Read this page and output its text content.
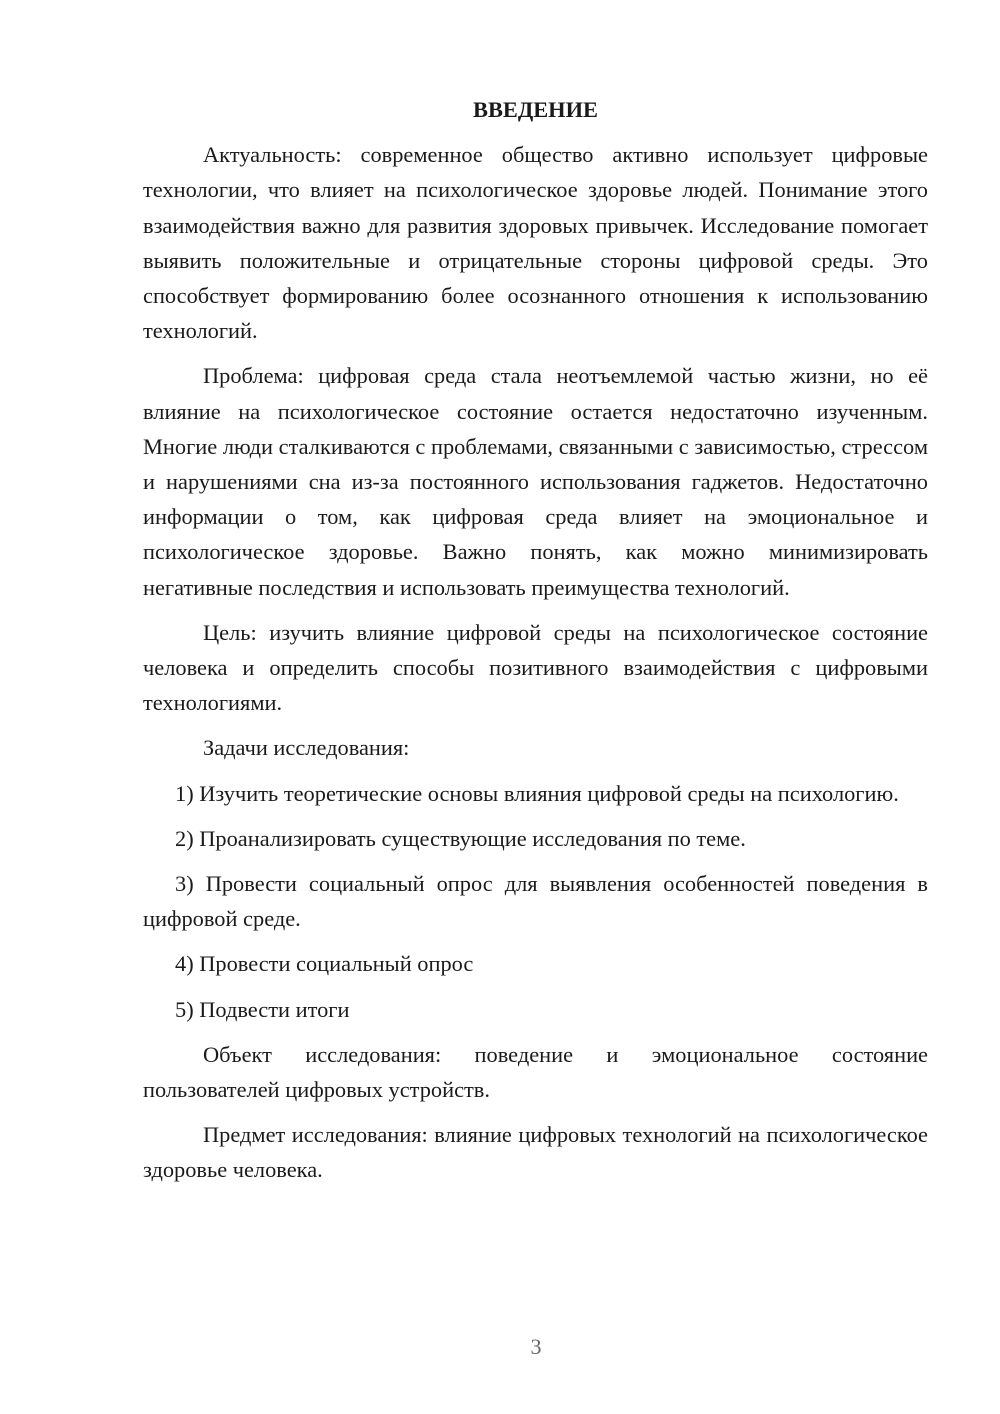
ВВЕДЕНИЕ

Актуальность: современное общество активно использует цифровые технологии, что влияет на психологическое здоровье людей. Понимание этого взаимодействия важно для развития здоровых привычек. Исследование помогает выявить положительные и отрицательные стороны цифровой среды. Это способствует формированию более осознанного отношения к использованию технологий.

Проблема: цифровая среда стала неотъемлемой частью жизни, но её влияние на психологическое состояние остается недостаточно изученным. Многие люди сталкиваются с проблемами, связанными с зависимостью, стрессом и нарушениями сна из-за постоянного использования гаджетов. Недостаточно информации о том, как цифровая среда влияет на эмоциональное и психологическое здоровье. Важно понять, как можно минимизировать негативные последствия и использовать преимущества технологий.

Цель: изучить влияние цифровой среды на психологическое состояние человека и определить способы позитивного взаимодействия с цифровыми технологиями.

Задачи исследования:

1) Изучить теоретические основы влияния цифровой среды на психологию.

2) Проанализировать существующие исследования по теме.

3) Провести социальный опрос для выявления особенностей поведения в цифровой среде.

4) Провести социальный опрос

5) Подвести итоги

Объект исследования: поведение и эмоциональное состояние пользователей цифровых устройств.

Предмет исследования: влияние цифровых технологий на психологическое здоровье человека.

3
